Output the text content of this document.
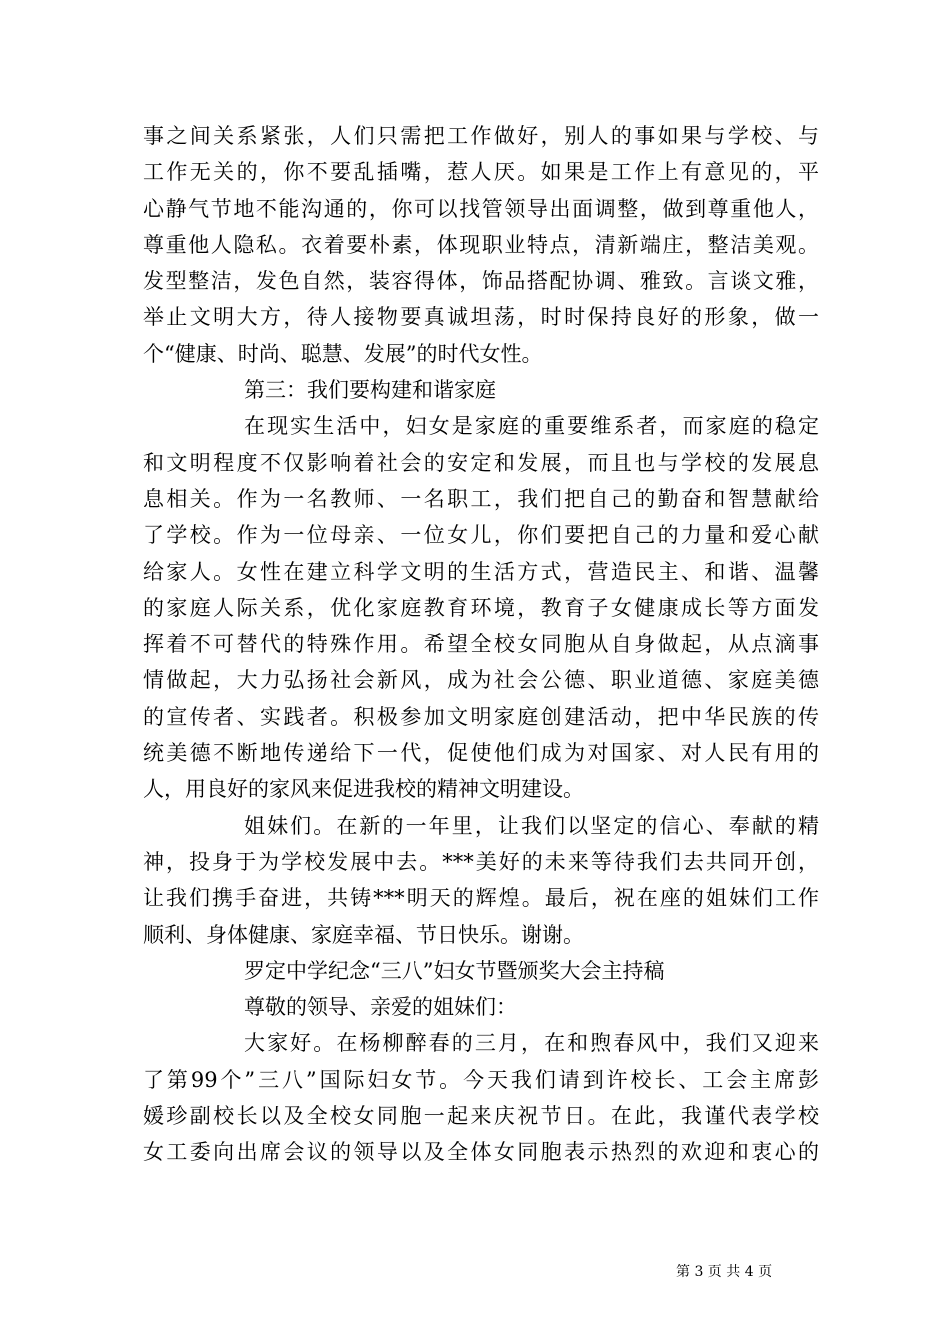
事之间关系紧张，人们只需把工作做好，别人的事如果与学校、与
工作无关的，你不要乱插嘴，惹人厌。如果是工作上有意见的，平
心静气节地不能沟通的，你可以找管领导出面调整，做到尊重他人，
尊重他人隐私。衣着要朴素，体现职业特点，清新端庄，整洁美观。
发型整洁，发色自然，装容得体，饰品搭配协调、雅致。言谈文雅，
举止文明大方，待人接物要真诚坦荡，时时保持良好的形象，做一
个“健康、时尚、聪慧、发展”的时代女性。
第三：我们要构建和谐家庭
在现实生活中，妇女是家庭的重要维系者，而家庭的稳定
和文明程度不仅影响着社会的安定和发展，而且也与学校的发展息
息相关。作为一名教师、一名职工，我们把自己的勤奋和智慧献给
了学校。作为一位母亲、一位女儿，你们要把自己的力量和爱心献
给家人。女性在建立科学文明的生活方式，营造民主、和谐、温馨
的家庭人际关系，优化家庭教育环境，教育子女健康成长等方面发
挥着不可替代的特殊作用。希望全校女同胞从自身做起，从点滴事
情做起，大力弘扬社会新风，成为社会公德、职业道德、家庭美德
的宣传者、实践者。积极参加文明家庭创建活动，把中华民族的传
统美德不断地传递给下一代，促使他们成为对国家、对人民有用的
人，用良好的家风来促进我校的精神文明建设。
姐妹们。在新的一年里，让我们以坚定的信心、奉献的精
神，投身于为学校发展中去。***美好的未来等待我们去共同开创，
让我们携手奋进，共铸***明天的辉煌。最后，祝在座的姐妹们工作
顺利、身体健康、家庭幸福、节日快乐。谢谢。
罗定中学纪念“三八”妇女节暨颁奖大会主持稿
尊敬的领导、亲爱的姐妹们：
大家好。在杨柳醉春的三月，在和煦春风中，我们又迎来
了第99个”三八”国际妇女节。今天我们请到许校长、工会主席彭
媛珍副校长以及全校女同胞一起来庆祝节日。在此，我谨代表学校
女工委向出席会议的领导以及全体女同胞表示热烈的欢迎和衷心的
第 3 页 共 4 页
